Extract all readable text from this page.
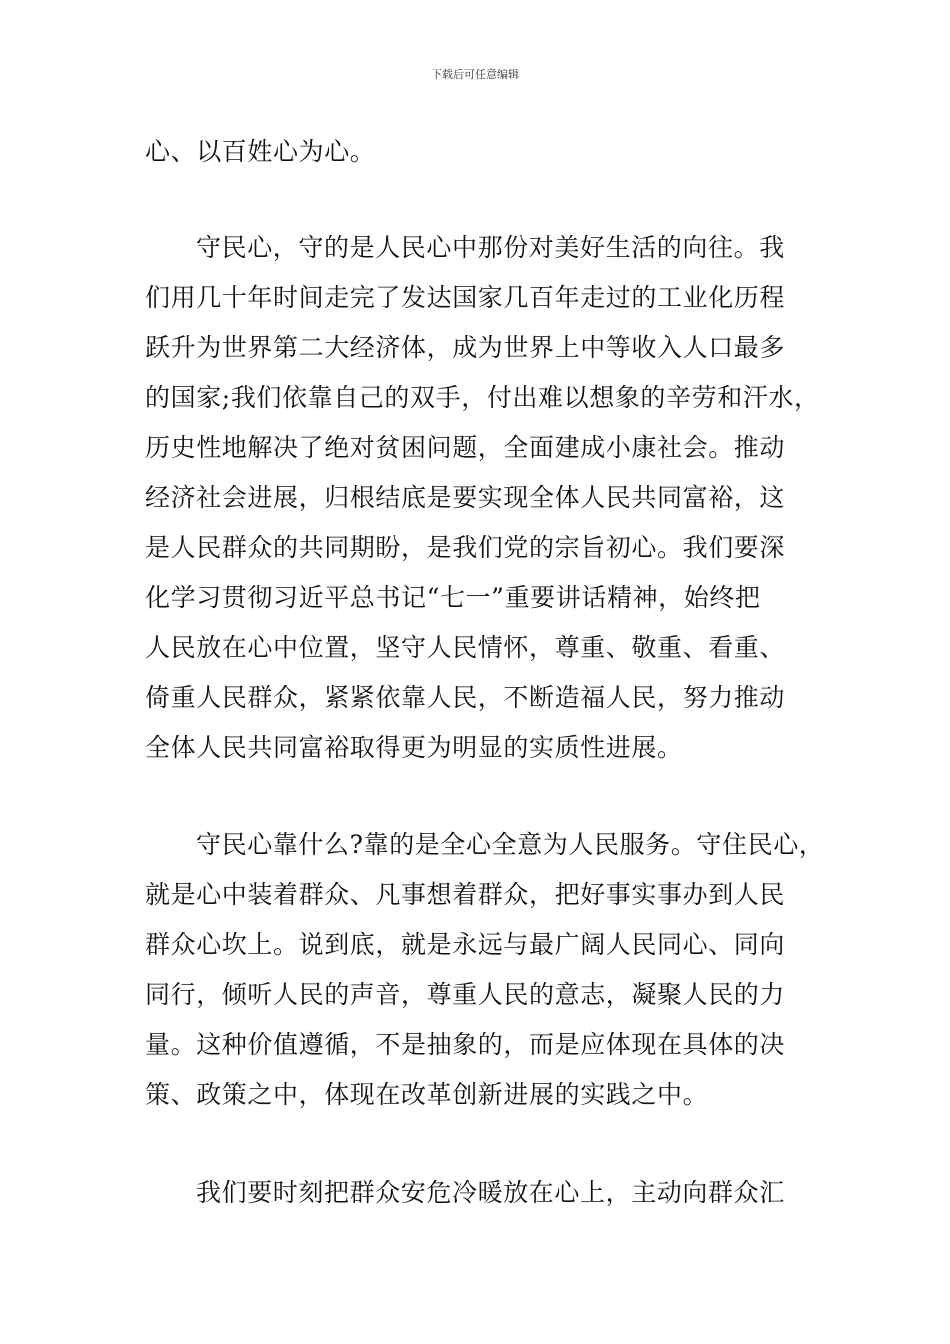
下载后可任意编辑
心、以百姓心为心。
守民心，守的是人民心中那份对美好生活的向往。我
们用几十年时间走完了发达国家几百年走过的工业化历程
跃升为世界第二大经济体，成为世界上中等收入人口最多
的国家;我们依靠自己的双手，付出难以想象的辛劳和汗水，
历史性地解决了绝对贫困问题，全面建成小康社会。推动
经济社会进展，归根结底是要实现全体人民共同富裕，这
是人民群众的共同期盼，是我们党的宗旨初心。我们要深
化学习贯彻习近平总书记“七一”重要讲话精神，始终把
人民放在心中位置，坚守人民情怀，尊重、敬重、看重、
倚重人民群众，紧紧依靠人民，不断造福人民，努力推动
全体人民共同富裕取得更为明显的实质性进展。
守民心靠什么?靠的是全心全意为人民服务。守住民心，
就是心中装着群众、凡事想着群众，把好事实事办到人民
群众心坎上。说到底，就是永远与最广阔人民同心、同向
同行，倾听人民的声音，尊重人民的意志，凝聚人民的力
量。这种价值遵循，不是抽象的，而是应体现在具体的决
策、政策之中，体现在改革创新进展的实践之中。
我们要时刻把群众安危冷暖放在心上，主动向群众汇
